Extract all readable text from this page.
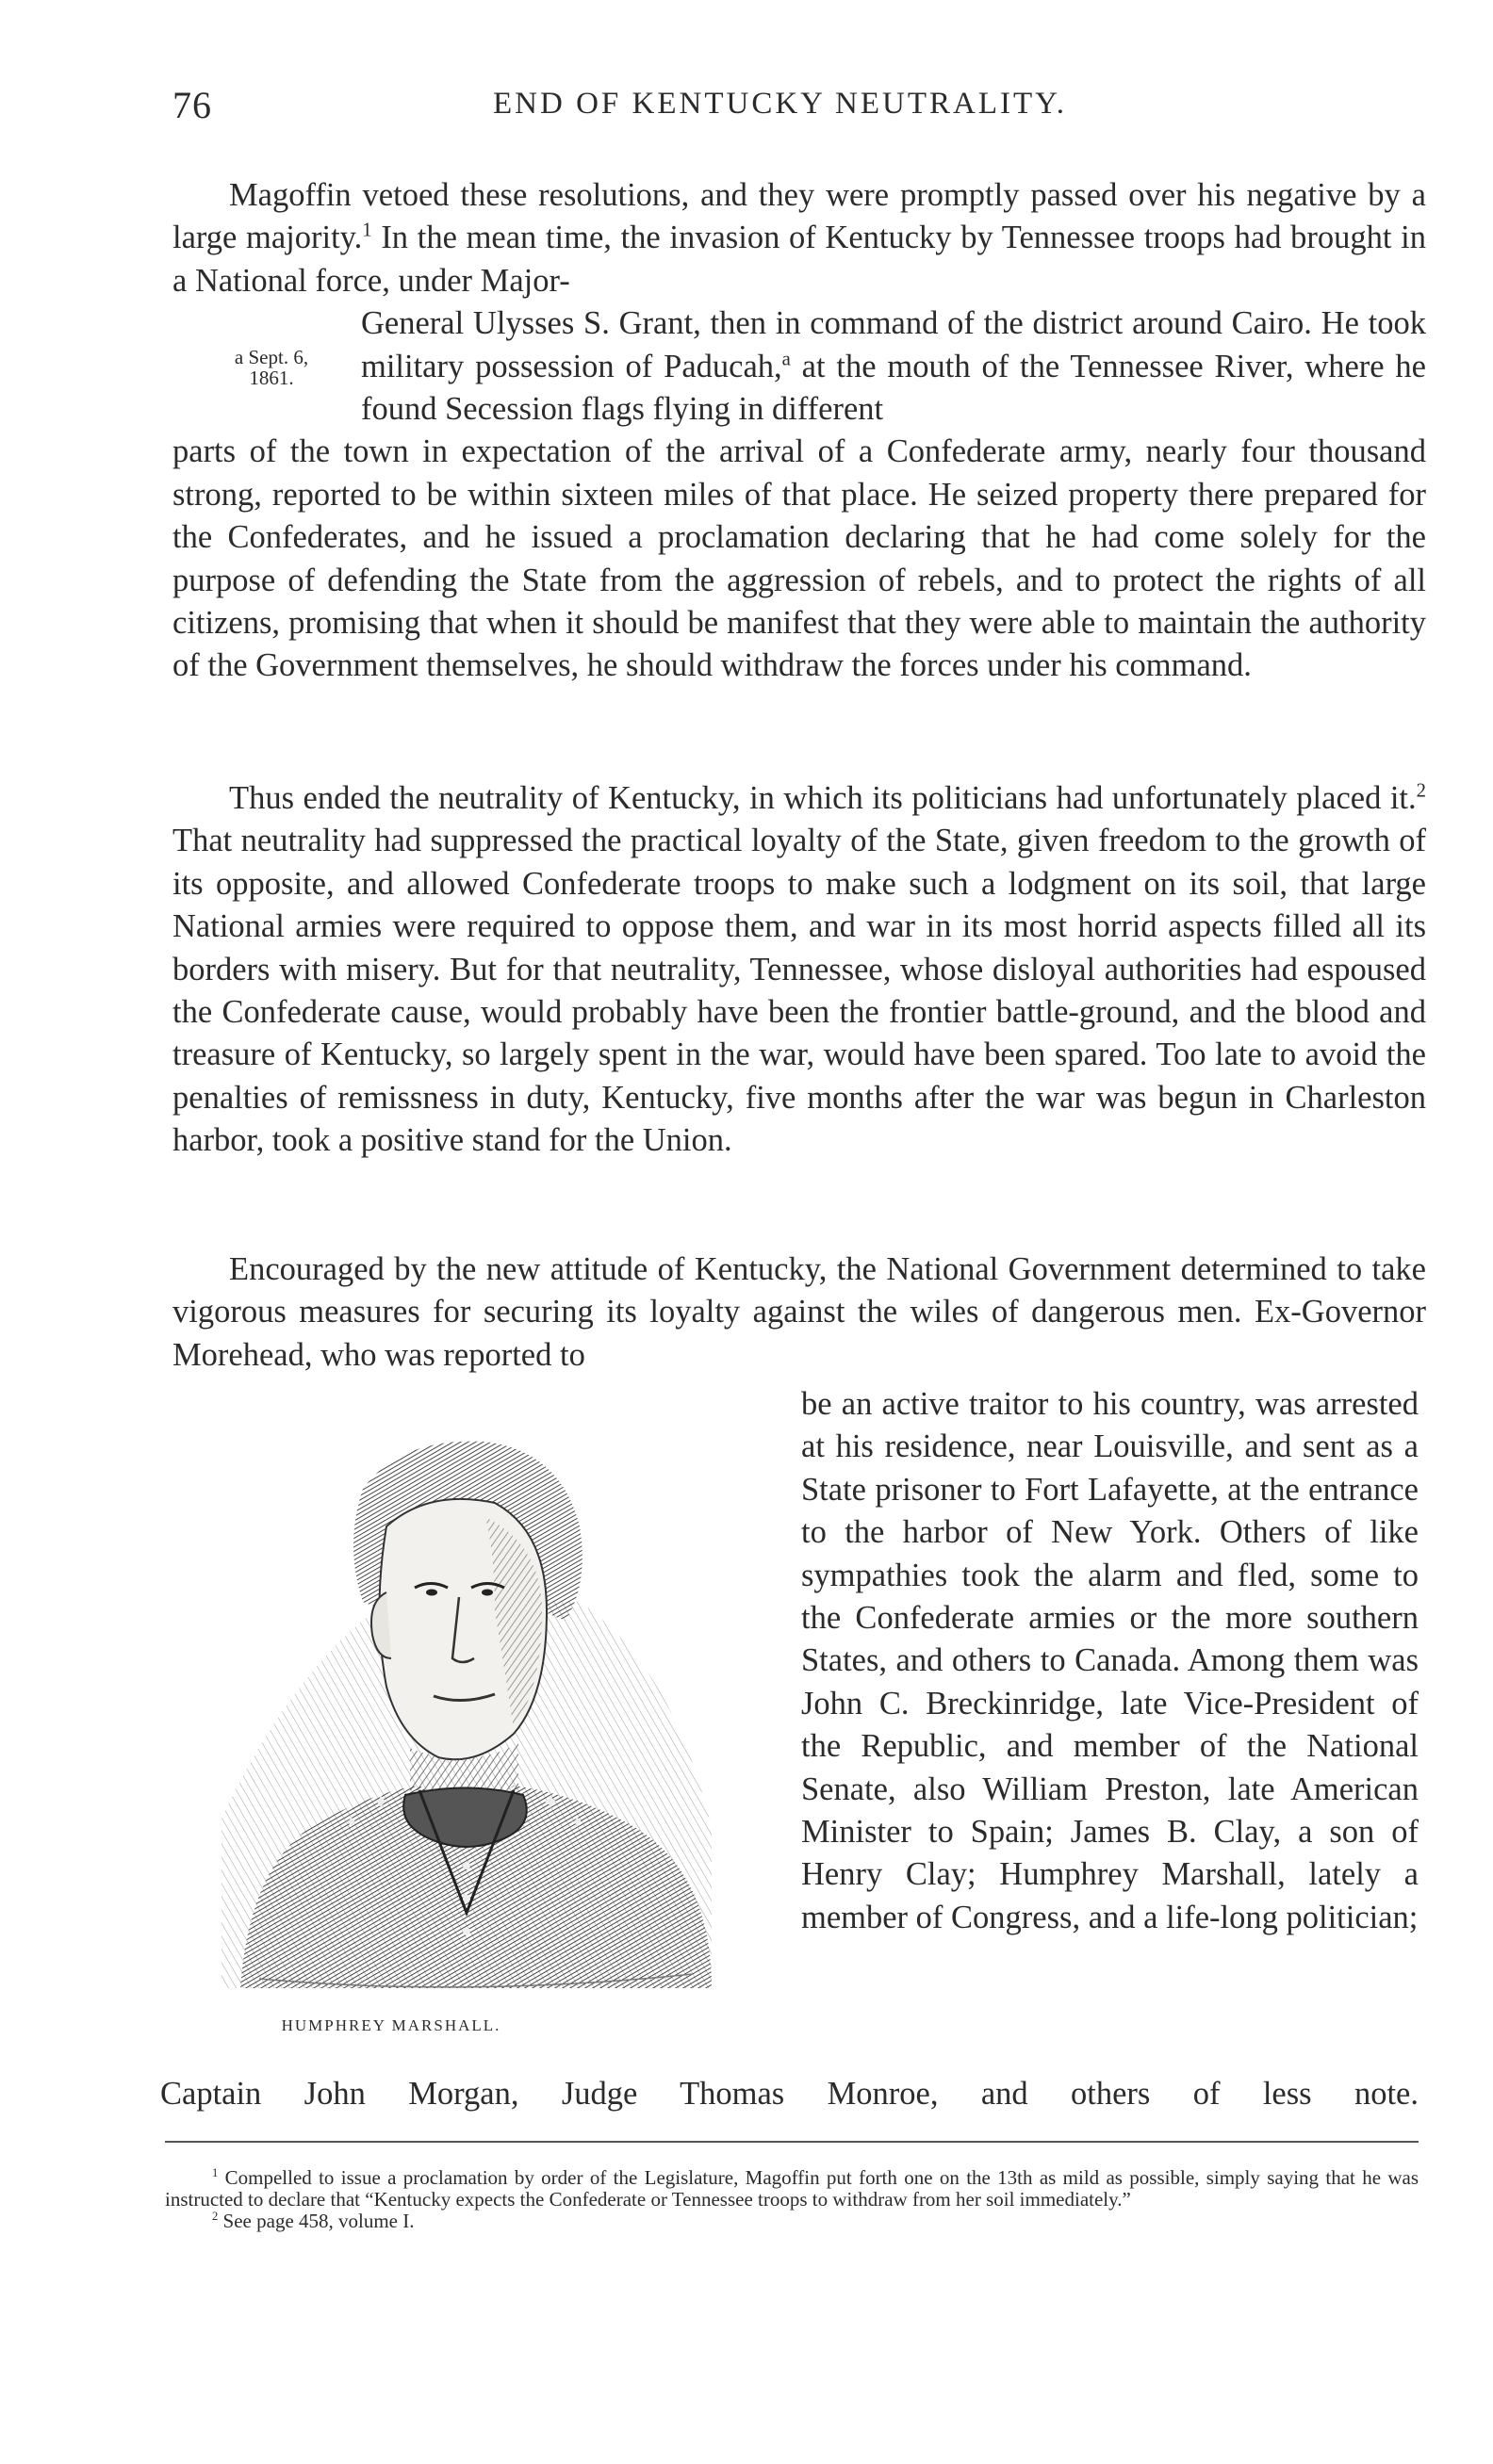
76	END OF KENTUCKY NEUTRALITY.
Magoffin vetoed these resolutions, and they were promptly passed over his negative by a large majority.$^1$ In the mean time, the invasion of Kentucky by Tennessee troops had brought in a National force, under Major-
General Ulysses S. Grant, then in command of the district around Cairo. He took military possession of Paducah,$^a$ at the mouth of the Tennessee River, where he found Secession flags flying in different
parts of the town in expectation of the arrival of a Confederate army, nearly four thousand strong, reported to be within sixteen miles of that place. He seized property there prepared for the Confederates, and he issued a proclamation declaring that he had come solely for the purpose of defending the State from the aggression of rebels, and to protect the rights of all citizens, promising that when it should be manifest that they were able to maintain the authority of the Government themselves, he should withdraw the forces under his command.
a Sept. 6,
1861.
Thus ended the neutrality of Kentucky, in which its politicians had unfortunately placed it.$^2$ That neutrality had suppressed the practical loyalty of the State, given freedom to the growth of its opposite, and allowed Confederate troops to make such a lodgment on its soil, that large National armies were required to oppose them, and war in its most horrid aspects filled all its borders with misery. But for that neutrality, Tennessee, whose disloyal authorities had espoused the Confederate cause, would probably have been the frontier battle-ground, and the blood and treasure of Kentucky, so largely spent in the war, would have been spared. Too late to avoid the penalties of remissness in duty, Kentucky, five months after the war was begun in Charleston harbor, took a positive stand for the Union.
Encouraged by the new attitude of Kentucky, the National Government determined to take vigorous measures for securing its loyalty against the wiles of dangerous men. Ex-Governor Morehead, who was reported to
be an active traitor to his country, was arrested at his residence, near Louisville, and sent as a State prisoner to Fort Lafayette, at the entrance to the harbor of New York. Others of like sympathies took the alarm and fled, some to the Confederate armies or the more southern States, and others to Canada. Among them was John C. Breckinridge, late Vice-President of the Republic, and member of the National Senate, also William Preston, late American Minister to Spain; James B. Clay, a son of Henry Clay; Humphrey Marshall, lately a member of Congress, and a life-long politician;
✦	✦
✦	✦
HUMPHREY MARSHALL.
Captain John Morgan, Judge Thomas Monroe, and others of less note.
$^1$ Compelled to issue a proclamation by order of the Legislature, Magoffin put forth one on the 13th as mild as possible, simply saying that he was instructed to declare that “Kentucky expects the Confederate or Tennessee troops to withdraw from her soil immediately.”
$^2$ See page 458, volume I.
